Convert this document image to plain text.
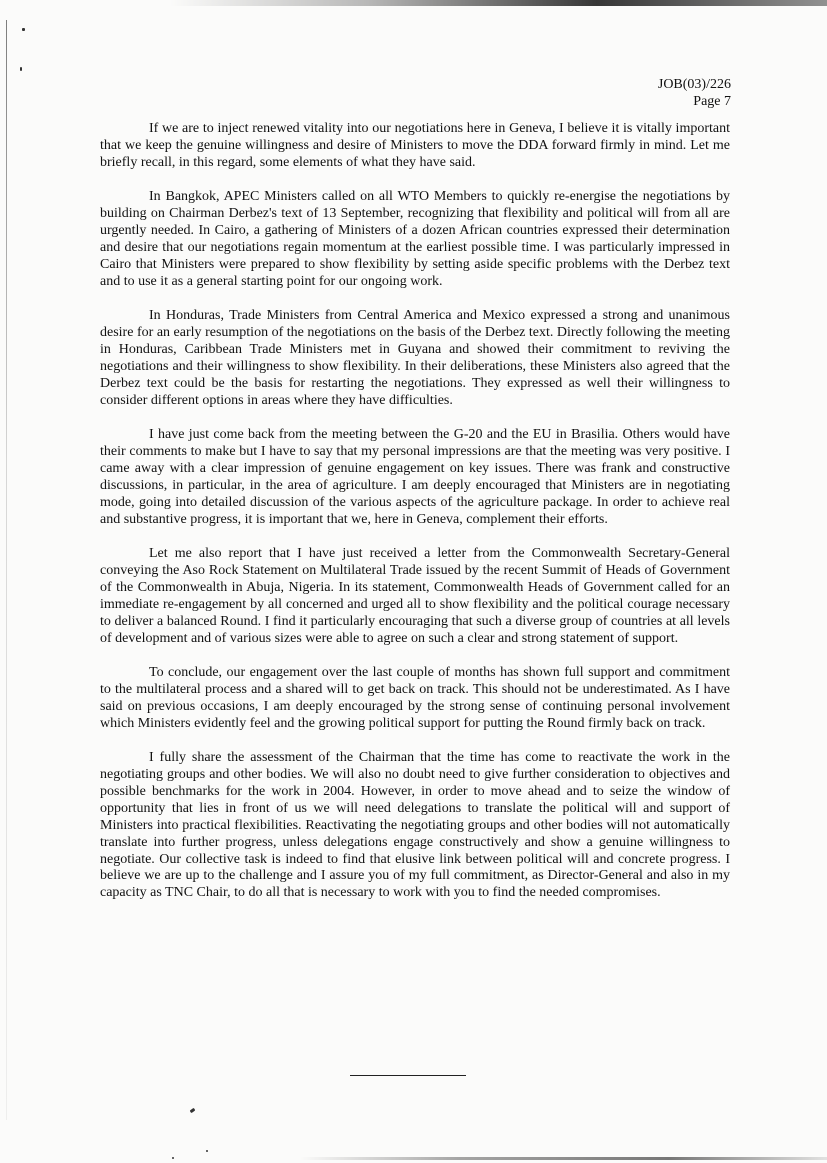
JOB(03)/226
Page 7

If we are to inject renewed vitality into our negotiations here in Geneva, I believe it is vitally important that we keep the genuine willingness and desire of Ministers to move the DDA forward firmly in mind. Let me briefly recall, in this regard, some elements of what they have said.

In Bangkok, APEC Ministers called on all WTO Members to quickly re-energise the negotiations by building on Chairman Derbez's text of 13 September, recognizing that flexibility and political will from all are urgently needed. In Cairo, a gathering of Ministers of a dozen African countries expressed their determination and desire that our negotiations regain momentum at the earliest possible time. I was particularly impressed in Cairo that Ministers were prepared to show flexibility by setting aside specific problems with the Derbez text and to use it as a general starting point for our ongoing work.

In Honduras, Trade Ministers from Central America and Mexico expressed a strong and unanimous desire for an early resumption of the negotiations on the basis of the Derbez text. Directly following the meeting in Honduras, Caribbean Trade Ministers met in Guyana and showed their commitment to reviving the negotiations and their willingness to show flexibility. In their deliberations, these Ministers also agreed that the Derbez text could be the basis for restarting the negotiations. They expressed as well their willingness to consider different options in areas where they have difficulties.

I have just come back from the meeting between the G-20 and the EU in Brasilia. Others would have their comments to make but I have to say that my personal impressions are that the meeting was very positive. I came away with a clear impression of genuine engagement on key issues. There was frank and constructive discussions, in particular, in the area of agriculture. I am deeply encouraged that Ministers are in negotiating mode, going into detailed discussion of the various aspects of the agriculture package. In order to achieve real and substantive progress, it is important that we, here in Geneva, complement their efforts.

Let me also report that I have just received a letter from the Commonwealth Secretary-General conveying the Aso Rock Statement on Multilateral Trade issued by the recent Summit of Heads of Government of the Commonwealth in Abuja, Nigeria. In its statement, Commonwealth Heads of Government called for an immediate re-engagement by all concerned and urged all to show flexibility and the political courage necessary to deliver a balanced Round. I find it particularly encouraging that such a diverse group of countries at all levels of development and of various sizes were able to agree on such a clear and strong statement of support.

To conclude, our engagement over the last couple of months has shown full support and commitment to the multilateral process and a shared will to get back on track. This should not be underestimated. As I have said on previous occasions, I am deeply encouraged by the strong sense of continuing personal involvement which Ministers evidently feel and the growing political support for putting the Round firmly back on track.

I fully share the assessment of the Chairman that the time has come to reactivate the work in the negotiating groups and other bodies. We will also no doubt need to give further consideration to objectives and possible benchmarks for the work in 2004. However, in order to move ahead and to seize the window of opportunity that lies in front of us we will need delegations to translate the political will and support of Ministers into practical flexibilities. Reactivating the negotiating groups and other bodies will not automatically translate into further progress, unless delegations engage constructively and show a genuine willingness to negotiate. Our collective task is indeed to find that elusive link between political will and concrete progress. I believe we are up to the challenge and I assure you of my full commitment, as Director-General and also in my capacity as TNC Chair, to do all that is necessary to work with you to find the needed compromises.
